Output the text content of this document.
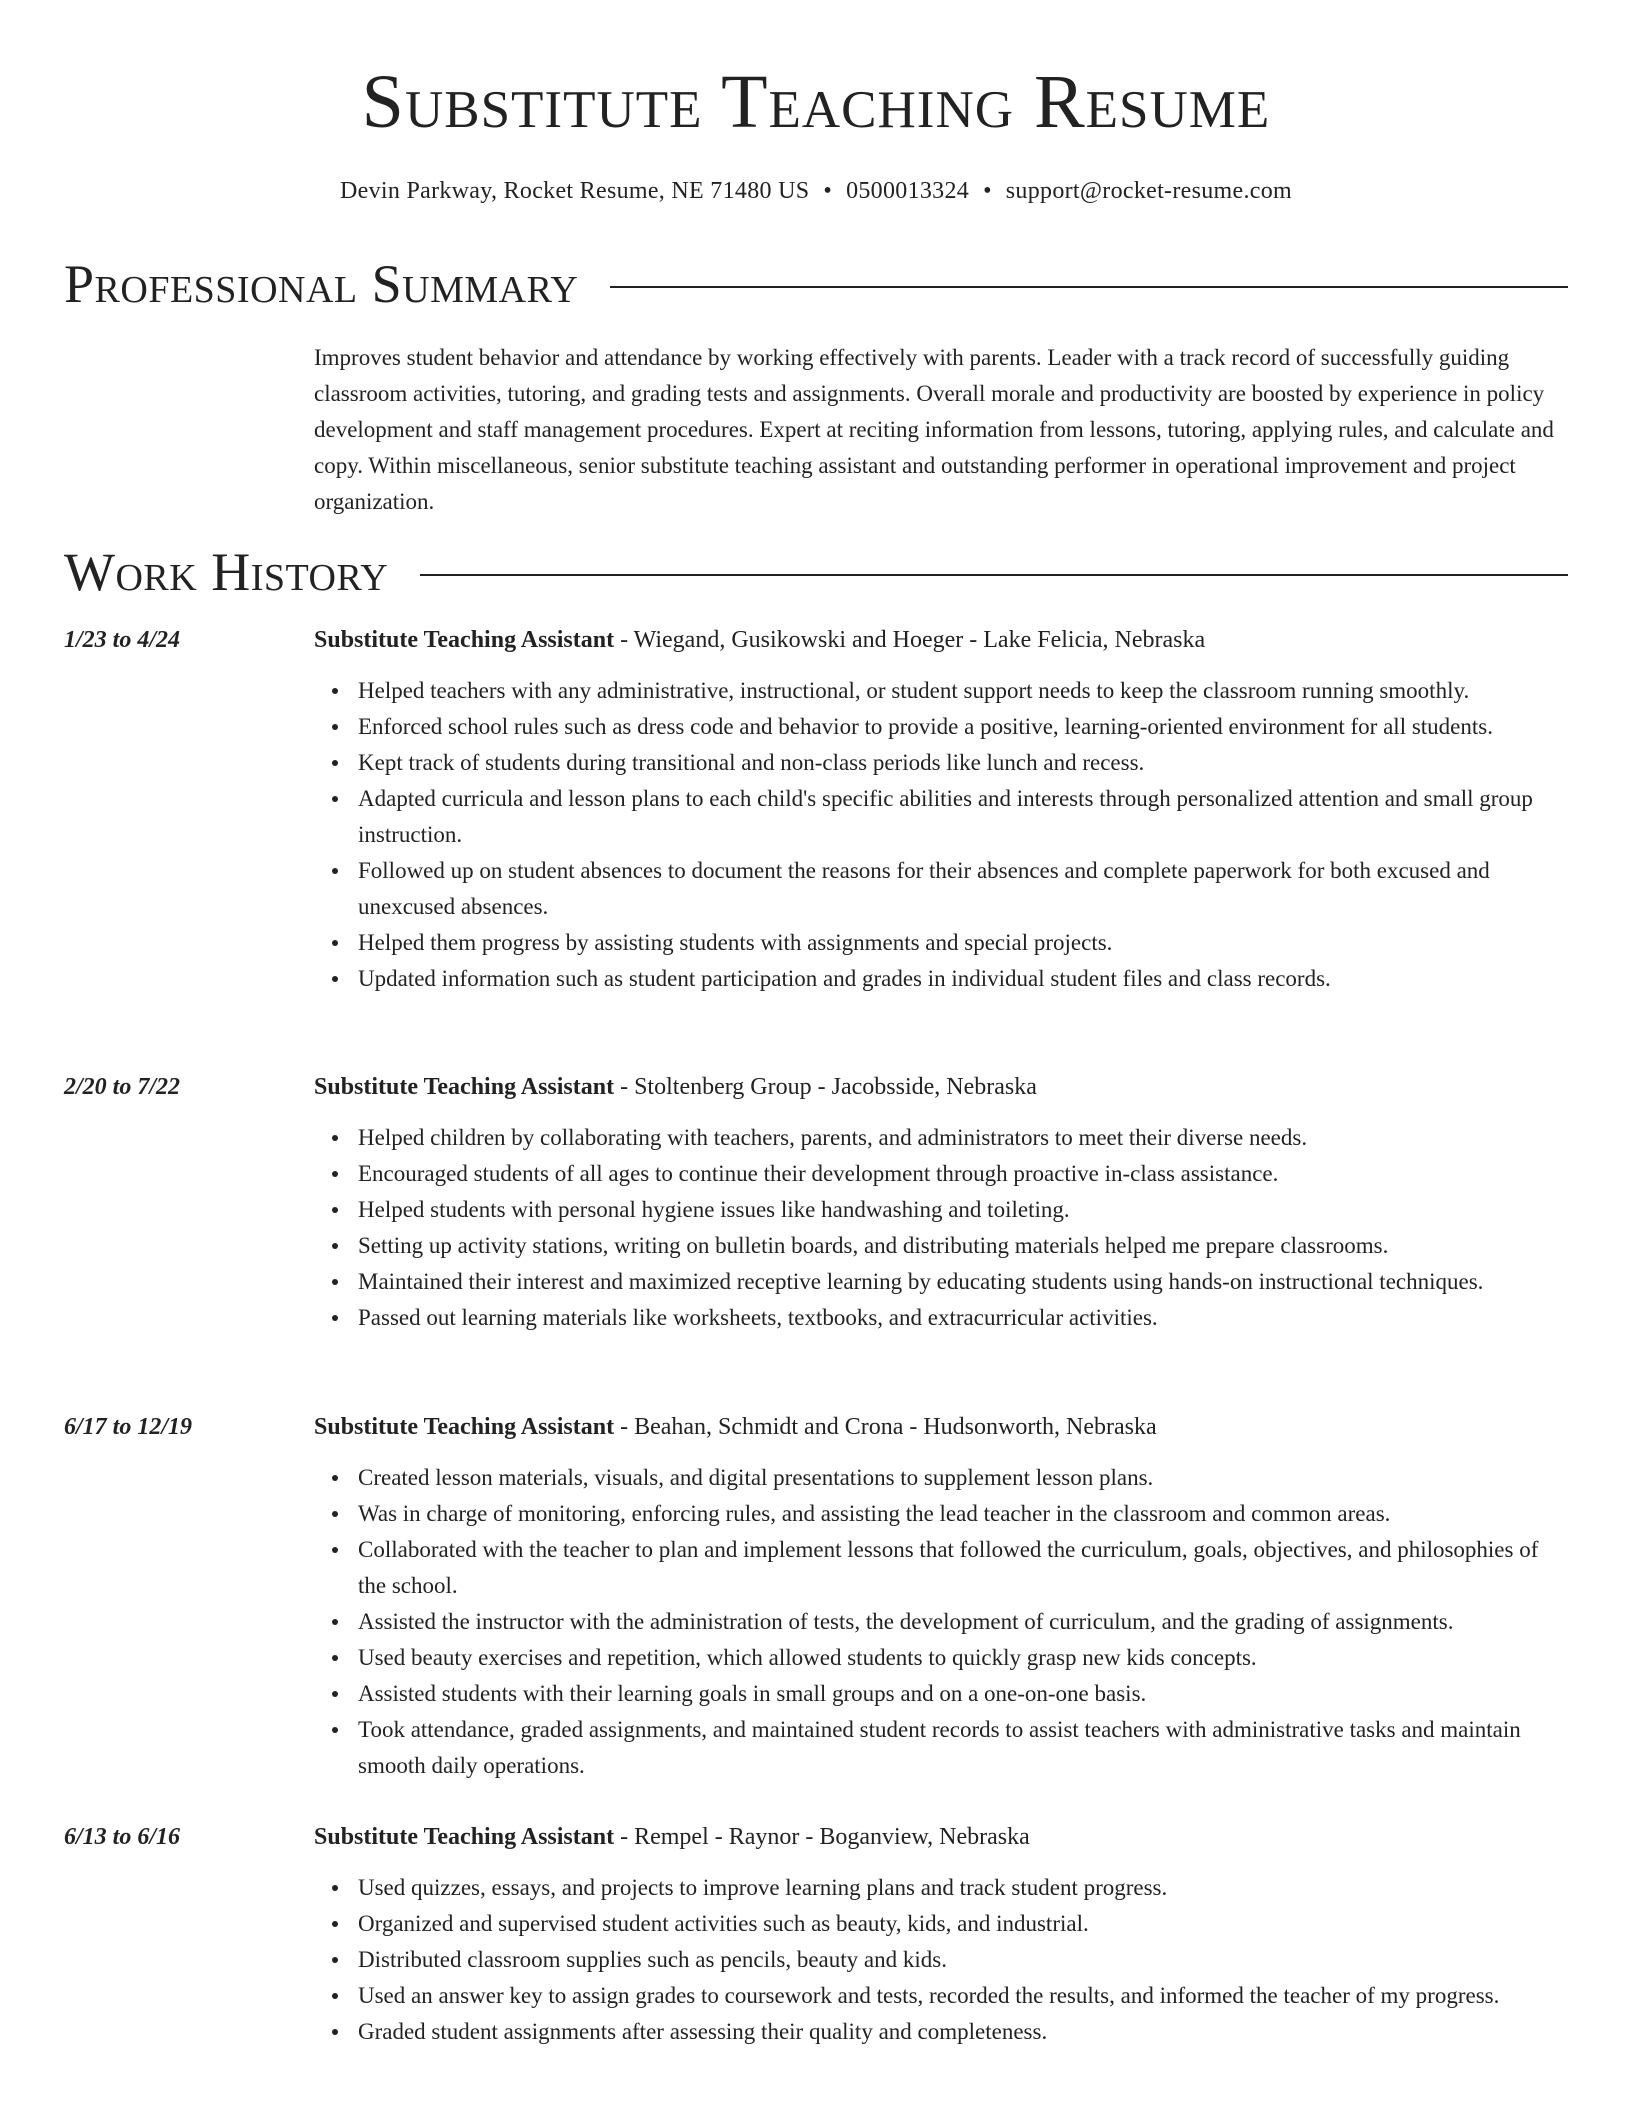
Substitute Teaching Resume
Devin Parkway, Rocket Resume, NE 71480 US • 0500013324 • support@rocket-resume.com
Professional Summary

Improves student behavior and attendance by working effectively with parents. Leader with a track record of successfully guiding classroom activities, tutoring, and grading tests and assignments. Overall morale and productivity are boosted by experience in policy development and staff management procedures. Expert at reciting information from lessons, tutoring, applying rules, and calculate and copy. Within miscellaneous, senior substitute teaching assistant and outstanding performer in operational improvement and project organization.

Work History
1/23 to 4/24	Substitute Teaching Assistant - Wiegand, Gusikowski and Hoeger - Lake Felicia, Nebraska
Helped teachers with any administrative, instructional, or student support needs to keep the classroom running smoothly.
Enforced school rules such as dress code and behavior to provide a positive, learning-oriented environment for all students.
Kept track of students during transitional and non-class periods like lunch and recess.
Adapted curricula and lesson plans to each child's specific abilities and interests through personalized attention and small group instruction.
Followed up on student absences to document the reasons for their absences and complete paperwork for both excused and unexcused absences.
Helped them progress by assisting students with assignments and special projects.
Updated information such as student participation and grades in individual student files and class records.
2/20 to 7/22	Substitute Teaching Assistant - Stoltenberg Group - Jacobsside, Nebraska
Helped children by collaborating with teachers, parents, and administrators to meet their diverse needs.
Encouraged students of all ages to continue their development through proactive in-class assistance.
Helped students with personal hygiene issues like handwashing and toileting.
Setting up activity stations, writing on bulletin boards, and distributing materials helped me prepare classrooms.
Maintained their interest and maximized receptive learning by educating students using hands-on instructional techniques.
Passed out learning materials like worksheets, textbooks, and extracurricular activities.
6/17 to 12/19	Substitute Teaching Assistant - Beahan, Schmidt and Crona - Hudsonworth, Nebraska
Created lesson materials, visuals, and digital presentations to supplement lesson plans.
Was in charge of monitoring, enforcing rules, and assisting the lead teacher in the classroom and common areas.
Collaborated with the teacher to plan and implement lessons that followed the curriculum, goals, objectives, and philosophies of the school.
Assisted the instructor with the administration of tests, the development of curriculum, and the grading of assignments.
Used beauty exercises and repetition, which allowed students to quickly grasp new kids concepts.
Assisted students with their learning goals in small groups and on a one-on-one basis.
Took attendance, graded assignments, and maintained student records to assist teachers with administrative tasks and maintain smooth daily operations.
6/13 to 6/16	Substitute Teaching Assistant - Rempel - Raynor - Boganview, Nebraska
Used quizzes, essays, and projects to improve learning plans and track student progress.
Organized and supervised student activities such as beauty, kids, and industrial.
Distributed classroom supplies such as pencils, beauty and kids.
Used an answer key to assign grades to coursework and tests, recorded the results, and informed the teacher of my progress.
Graded student assignments after assessing their quality and completeness.
